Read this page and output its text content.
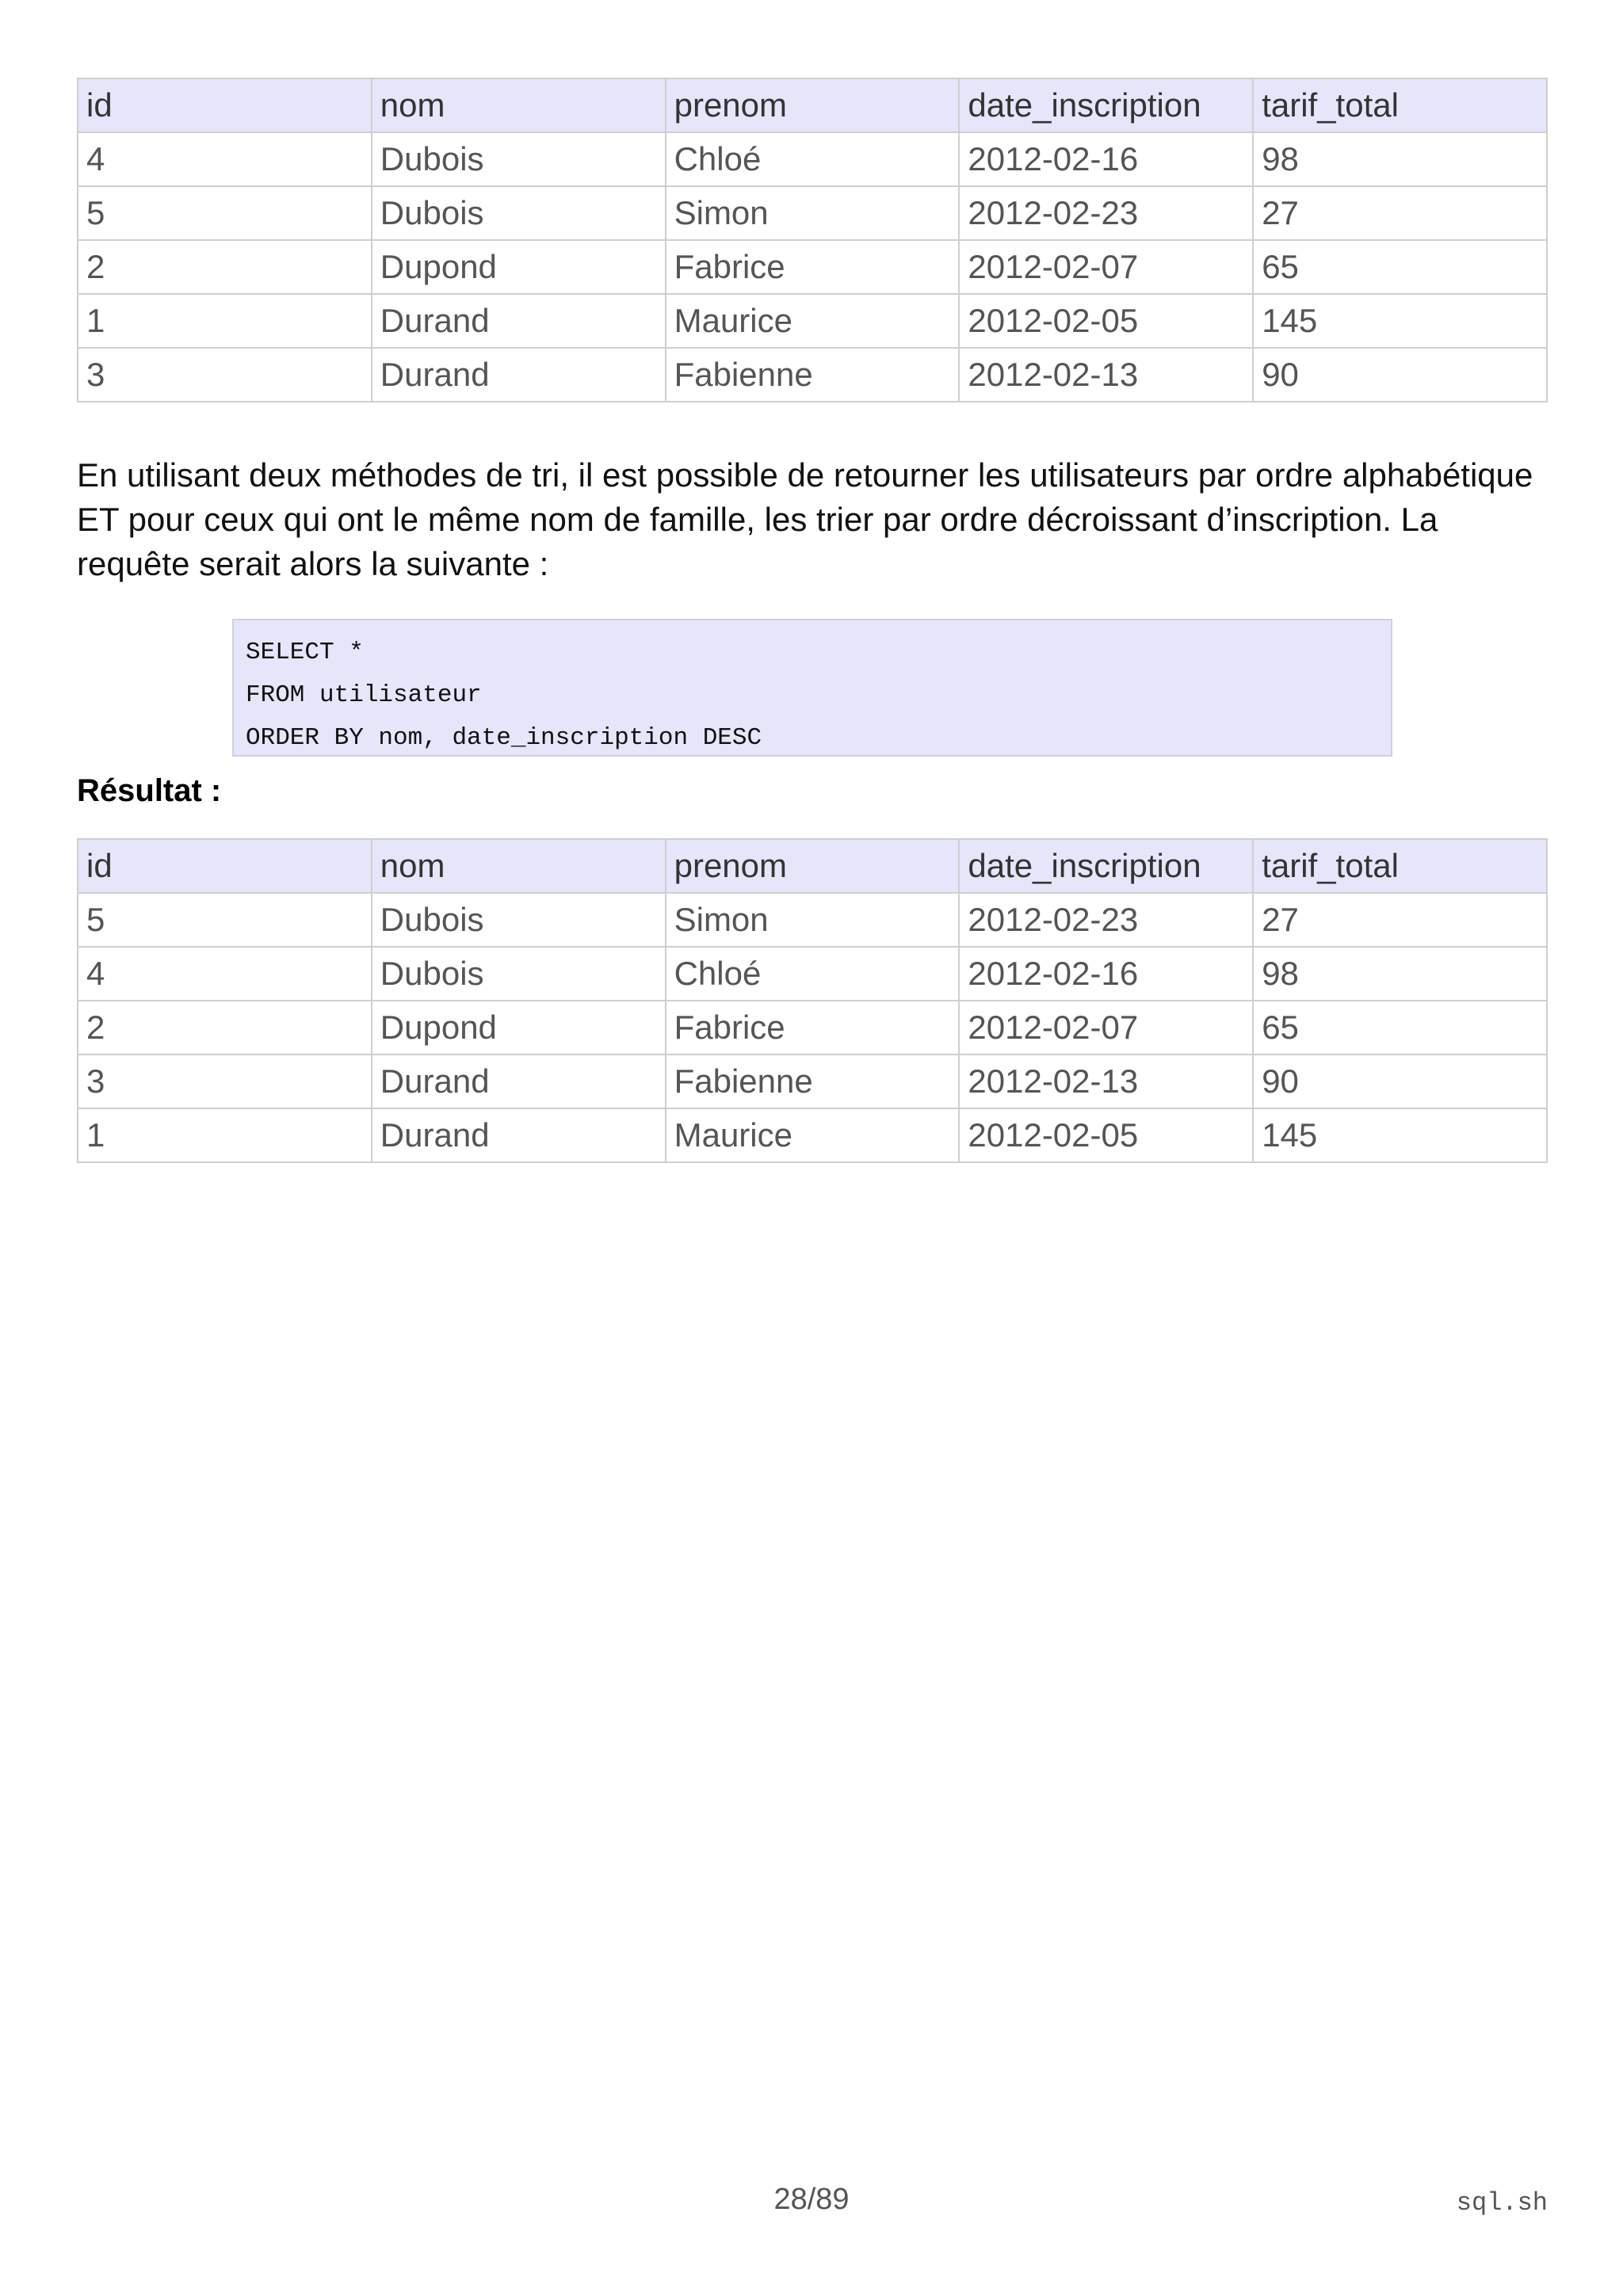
id	nom	prenom	date_inscription	tarif_total
4	Dubois	Chloé	2012-02-16	98
5	Dubois	Simon	2012-02-23	27
2	Dupond	Fabrice	2012-02-07	65
1	Durand	Maurice	2012-02-05	145
3	Durand	Fabienne	2012-02-13	90

En utilisant deux méthodes de tri, il est possible de retourner les utilisateurs par ordre alphabétique ET pour ceux qui ont le même nom de famille, les trier par ordre décroissant d’inscription. La requête serait alors la suivante :

SELECT *
FROM utilisateur
ORDER BY nom, date_inscription DESC

Résultat :

id	nom	prenom	date_inscription	tarif_total
5	Dubois	Simon	2012-02-23	27
4	Dubois	Chloé	2012-02-16	98
2	Dupond	Fabrice	2012-02-07	65
3	Durand	Fabienne	2012-02-13	90
1	Durand	Maurice	2012-02-05	145
28/89	sql.sh
